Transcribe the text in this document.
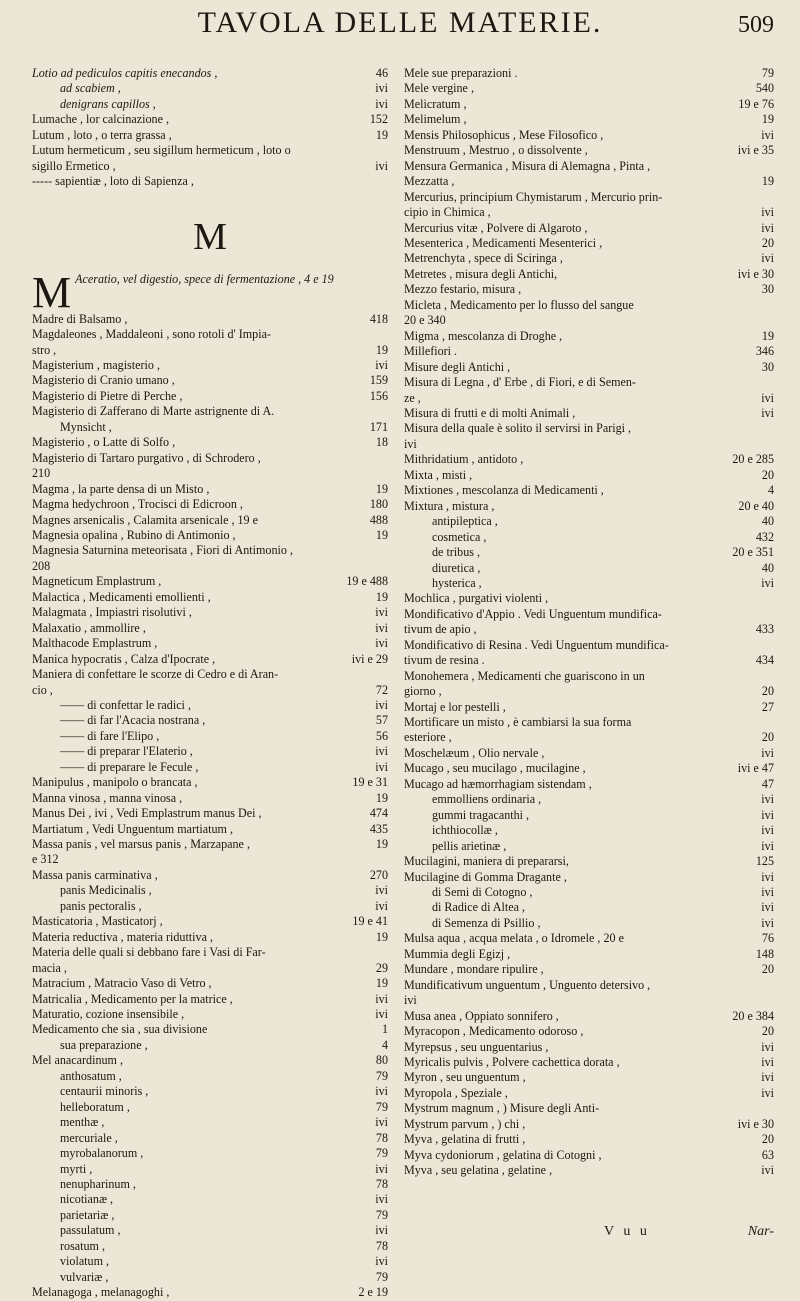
TAVOLA DELLE MATERIE.	509
Lotio ad pediculos capitis enecandos ,	46
ad scabiem ,	ivi
denigrans capillos ,	ivi
Lumache , lor calcinazione ,	152
Lutum , loto , o terra grassa ,	19
Lutum hermeticum , seu sigillum hermeticum , loto o
sigillo Ermetico ,	ivi
----- sapientiæ , loto di Sapienza ,
M
M Aceratio, vel digestio, spece di fermentazione , 4 e 19
Madre di Balsamo ,	418
Magdaleones , Maddaleoni , sono rotoli d' Impia-
stro ,	19
Magisterium , magisterio ,	ivi
Magisterio di Cranio umano ,	159
Magisterio di Pietre di Perche ,	156
Magisterio di Zafferano di Marte astrignente di A.
Mynsicht ,	171
Magisterio , o Latte di Solfo ,	18
Magisterio di Tartaro purgativo , di Schrodero ,
210
Magma , la parte densa di un Misto ,	19
Magma hedychroon , Trocisci di Edicroon ,	180
Magnes arsenicalis , Calamita arsenicale , 19 e	488
Magnesia opalina , Rubino di Antimonio ,	19
Magnesia Saturnina meteorisata , Fiori di Antimonio ,
208
Magneticum Emplastrum ,	19 e 488
Malactica , Medicamenti emollienti ,	19
Malagmata , Impiastri risolutivi ,	ivi
Malaxatio , ammollire ,	ivi
Malthacode Emplastrum ,	ivi
Manica hypocratis , Calza d'Ipocrate ,	ivi e 29
Maniera di confettare le scorze di Cedro e di Aran-
cio ,	72
—— di confettar le radici ,	ivi
—— di far l'Acacia nostrana ,	57
—— di fare l'Elipo ,	56
—— di preparar l'Elaterio ,	ivi
—— di preparare le Fecule ,	ivi
Manipulus , manipolo o brancata ,	19 e 31
Manna vinosa , manna vinosa ,	19
Manus Dei , ivi , Vedi Emplastrum manus Dei ,	474
Martiatum , Vedi Unguentum martiatum ,	435
Massa panis , vel marsus panis , Marzapane ,	19
e 312
Massa panis carminativa ,	270
panis Medicinalis ,	ivi
panis pectoralis ,	ivi
Masticatoria , Masticatorj ,	19 e 41
Materia reductiva , materia riduttiva ,	19
Materia delle quali si debbano fare i Vasi di Far-
macia ,	29
Matracium , Matracio Vaso di Vetro ,	19
Matricalia , Medicamento per la matrice ,	ivi
Maturatio, cozione insensibile ,	ivi
Medicamento che sia , sua divisione	1
sua preparazione ,	4
Mel anacardinum ,	80
anthosatum ,	79
centaurii minoris ,	ivi
helleboratum ,	79
menthæ ,	ivi
mercuriale ,	78
myrobalanorum ,	79
myrti ,	ivi
nenupharinum ,	78
nicotianæ ,	ivi
parietariæ ,	79
passulatum ,	ivi
rosatum ,	78
violatum ,	ivi
vulvariæ ,	79
Melanagoga , melanagoghi ,	2 e 19
Mele sue preparazioni .	79
Mele vergine ,	540
Melicratum ,	19 e 76
Melimelum ,	19
Mensis Philosophicus , Mese Filosofico ,	ivi
Menstruum , Mestruo , o dissolvente ,	ivi e 35
Mensura Germanica , Misura di Alemagna , Pinta ,
Mezzatta ,	19
Mercurius, principium Chymistarum , Mercurio prin-
cipio in Chimica ,	ivi
Mercurius vitæ , Polvere di Algaroto ,	ivi
Mesenterica , Medicamenti Mesenterici ,	20
Metrenchyta , spece di Sciringa ,	ivi
Metretes , misura degli Antichi,	ivi e 30
Mezzo festario, misura ,	30
Micleta , Medicamento per lo flusso del sangue
20 e 340
Migma , mescolanza di Droghe ,	19
Millefiori .	346
Misure degli Antichi ,	30
Misura di Legna , d' Erbe , di Fiori, e di Semen-
ze ,	ivi
Misura di frutti e di molti Animali ,	ivi
Misura della quale è solito il servirsi in Parigi ,
ivi
Mithridatium , antidoto ,	20 e 285
Mixta , misti ,	20
Mixtiones , mescolanza di Medicamenti ,	4
Mixtura , mistura ,	20 e 40
antipileptica ,	40
cosmetica ,	432
de tribus ,	20 e 351
diuretica ,	40
hysterica ,	ivi
Mochlica , purgativi violenti ,
Mondificativo d'Appio . Vedi Unguentum mundifica-
tivum de apio ,	433
Mondificativo di Resina . Vedi Unguentum mundifica-
tivum de resina .	434
Monohemera , Medicamenti che guariscono in un
giorno ,	20
Mortaj e lor pestelli ,	27
Mortificare un misto , è cambiarsi la sua forma
esteriore ,	20
Moschelæum , Olio nervale ,	ivi
Mucago , seu mucilago , mucilagine ,	ivi e 47
Mucago ad hæmorrhagiam sistendam ,	47
emmolliens ordinaria ,	ivi
gummi tragacanthi ,	ivi
ichthiocollæ ,	ivi
pellis arietinæ ,	ivi
Mucilagini, maniera di prepararsi,	125
Mucilagine di Gomma Dragante ,	ivi
di Semi di Cotogno ,	ivi
di Radice di Altea ,	ivi
di Semenza di Psillio ,	ivi
Mulsa aqua , acqua melata , o Idromele , 20 e	76
Mummia degli Egizj ,	148
Mundare , mondare ripulire ,	20
Mundificativum unguentum , Unguento detersivo ,
ivi
Musa anea , Oppiato sonnifero ,	20 e 384
Myracopon , Medicamento odoroso ,	20
Myrepsus , seu unguentarius ,	ivi
Myricalis pulvis , Polvere cachettica dorata ,	ivi
Myron , seu unguentum ,	ivi
Myropola , Speziale ,	ivi
Mystrum magnum , ) Misure degli Anti-
Mystrum parvum , ) chi ,	ivi e 30
Myva , gelatina di frutti ,	20
Myva cydoniorum , gelatina di Cotogni ,	63
Myva , seu gelatina , gelatine ,	ivi
V u u	Nar-
